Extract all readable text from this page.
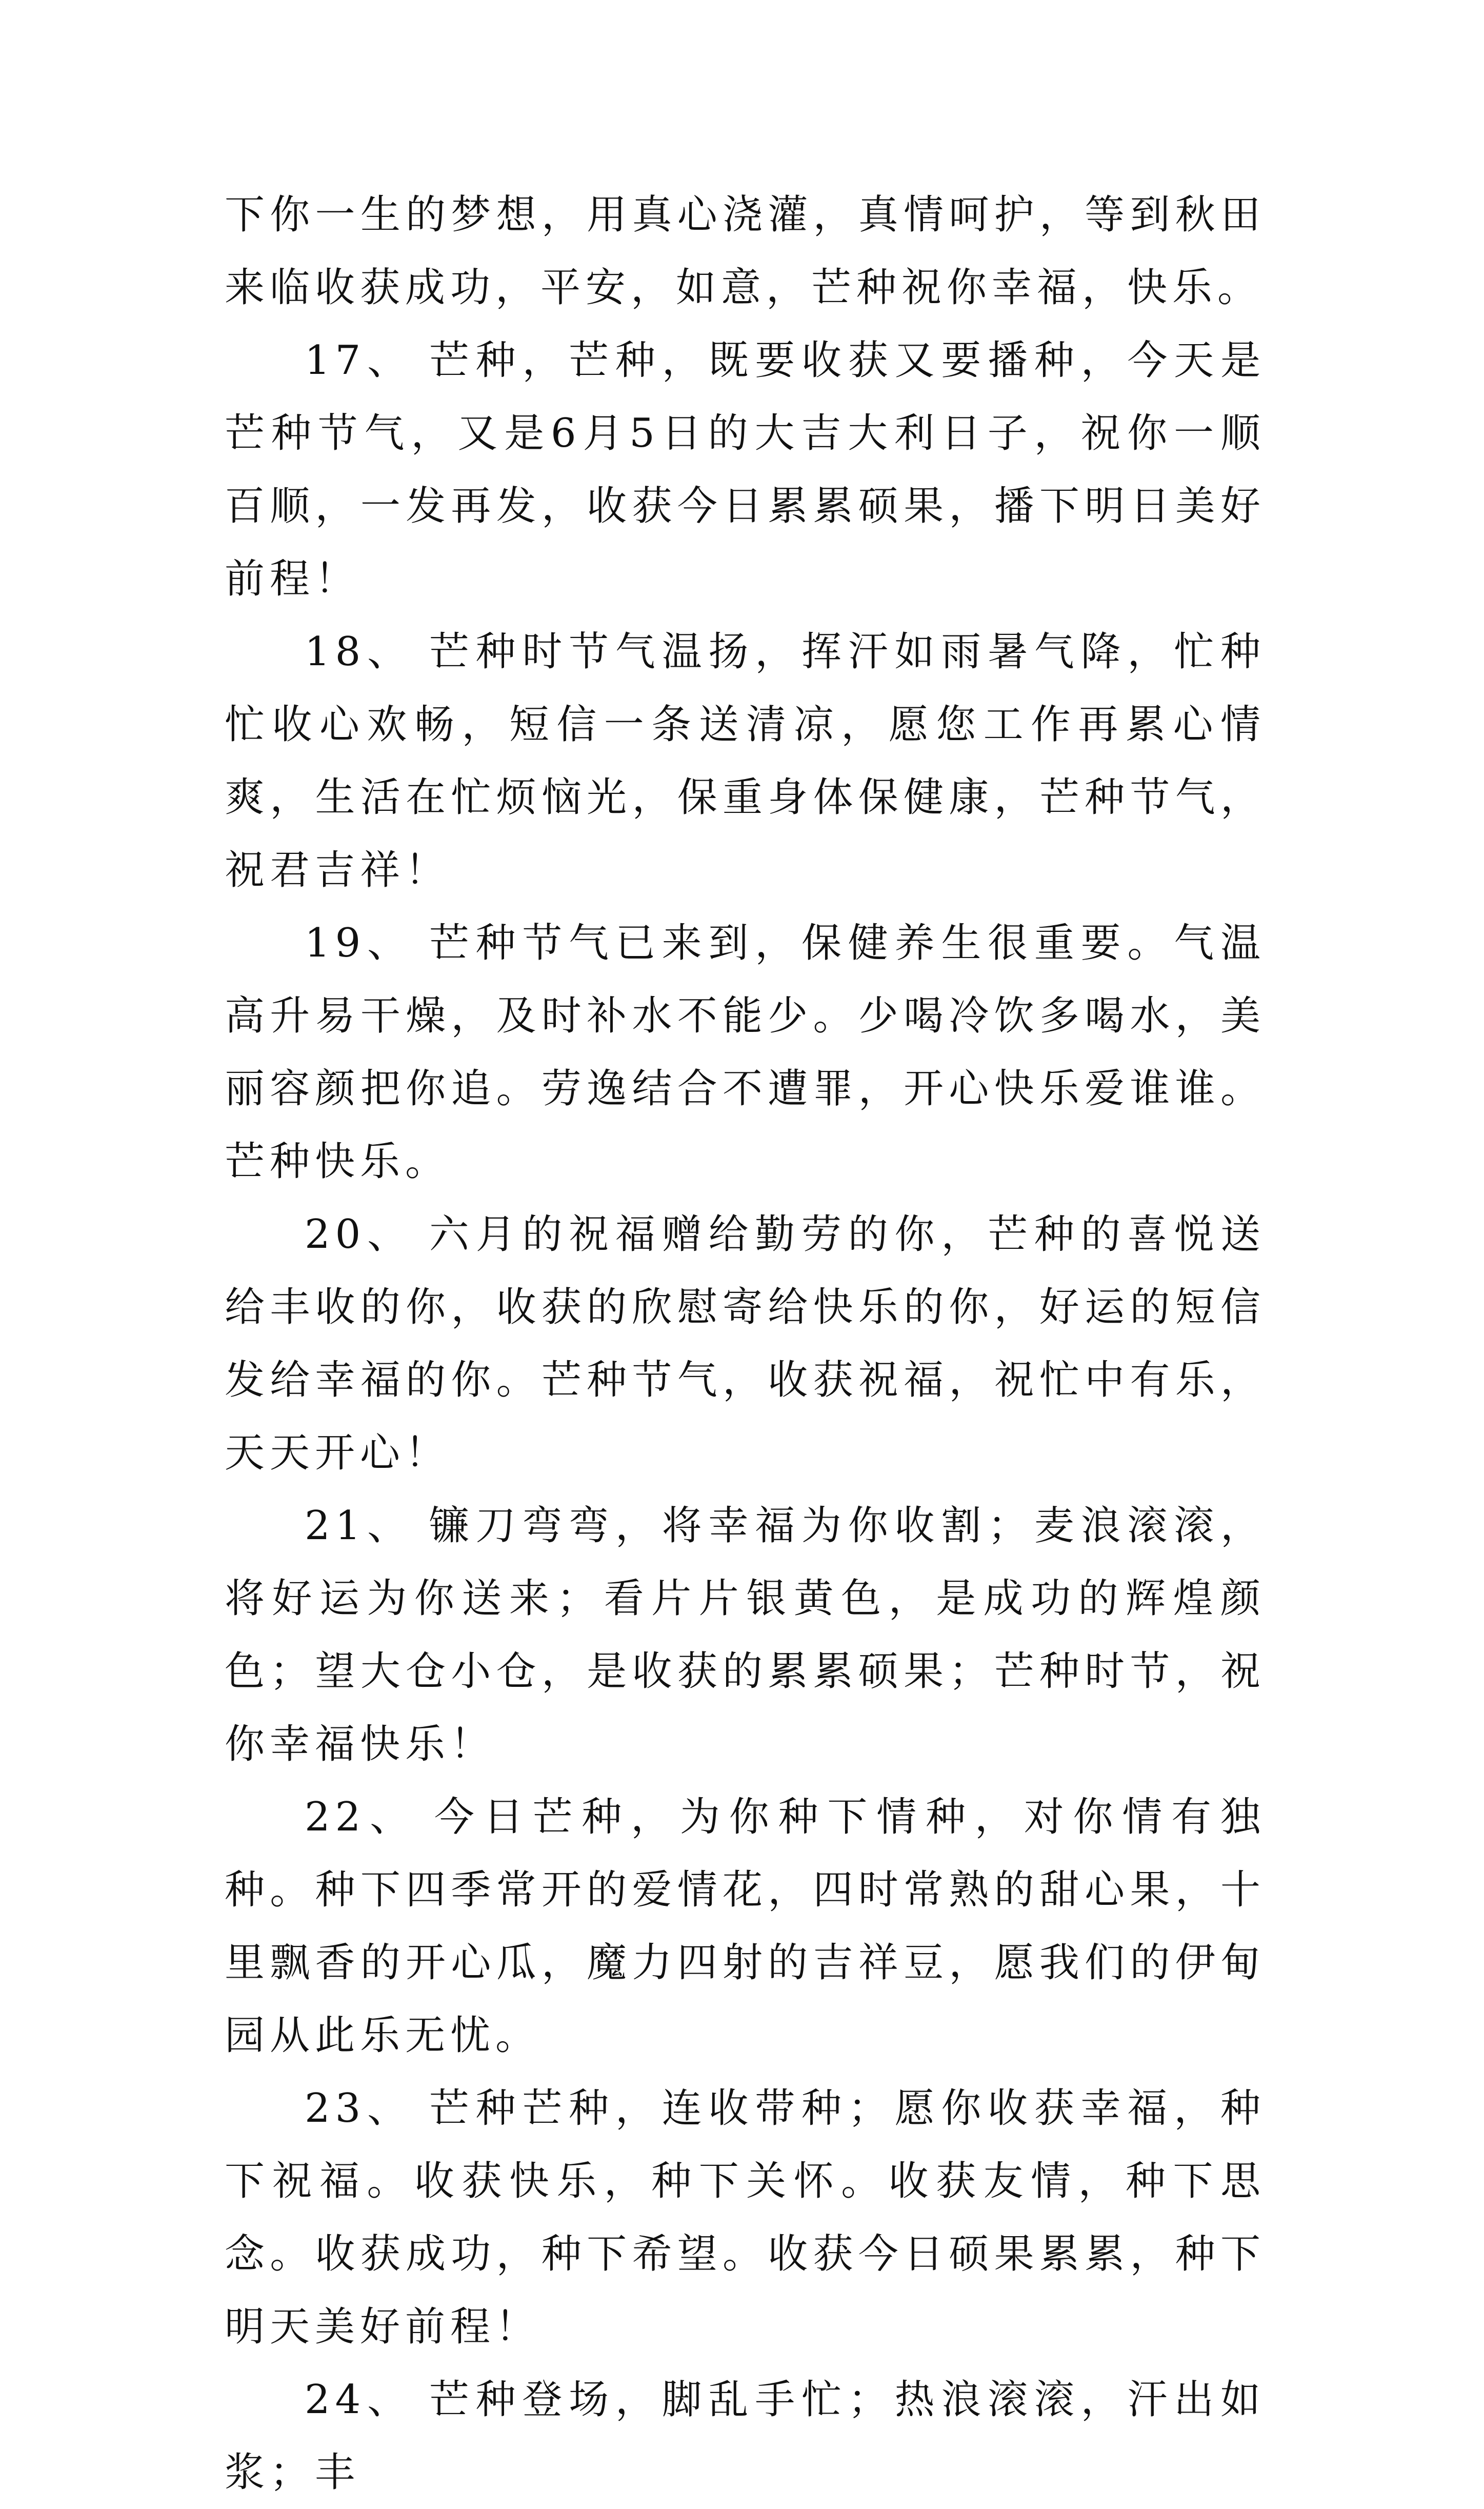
下你一生的梦想，用真心浇灌，真情呵护，等到秋田来临收获成功，平安，如意，芒种祝你幸福，快乐。

17、 芒种，芒种，既要收获又要播种，今天是芒种节气，又是6月5日的大吉大利日子，祝你一顺百顺，一发再发，收获今日累累硕果，播下明日美好前程！

18、 芒种时节气温扬，挥汗如雨暑气降，忙种忙收心欢畅，短信一条送清凉，愿您工作再累心情爽，生活在忙烦恼光，保重身体保健康，芒种节气，祝君吉祥！

19、 芒种节气已来到，保健养生很重要。气温高升易干燥，及时补水不能少。少喝冷饮多喝水，美丽容颜把你追。劳逸结合不遭罪，开心快乐爱谁谁。芒种快乐。

20、 六月的祝福赠给勤劳的你，芒种的喜悦送给丰收的你，收获的欣慰寄给快乐的你，好运的短信发给幸福的你。芒种节气，收获祝福，祝忙中有乐，天天开心！

21、 镰刀弯弯，将幸福为你收割；麦浪滚滚，将好运为你送来；看片片银黄色，是成功的辉煌颜色；望大仓小仓，是收获的累累硕果；芒种时节，祝你幸福快乐！

22、 今日芒种，为你种下情种，对你情有独种。种下四季常开的爱情花，四时常熟的甜心果，十里飘香的开心瓜，魔力四射的吉祥豆，愿我们的伊甸园从此乐无忧。

23、 芒种芒种，连收带种；愿你收获幸福，种下祝福。收获快乐，种下关怀。收获友情，种下思念。收获成功，种下希望。收获今日硕果累累，种下明天美好前程！

24、 芒种登场，脚乱手忙；热浪滚滚，汗出如浆；丰
